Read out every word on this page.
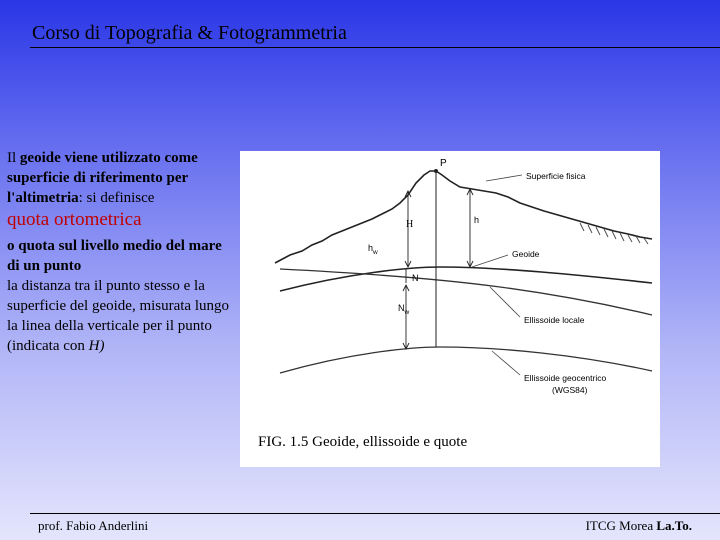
Corso di Topografia & Fotogrammetria

Il geoide viene utilizzato come superficie di riferimento per l'altimetria: si definisce

quota ortometrica

o quota sul livello medio del mare di un punto

la distanza tra il punto stesso e la superficie del geoide, misurata lungo la linea della verticale per il punto (indicata con H)

P
Superficie fisica
H	h
$h_w$	Geoide
N
$N_w$
Ellissoide locale
Ellissoide geocentrico
(WGS84)
FIG. 1.5 Geoide, ellissoide e quote
prof. Fabio Anderlini	ITCG Morea La.To.
